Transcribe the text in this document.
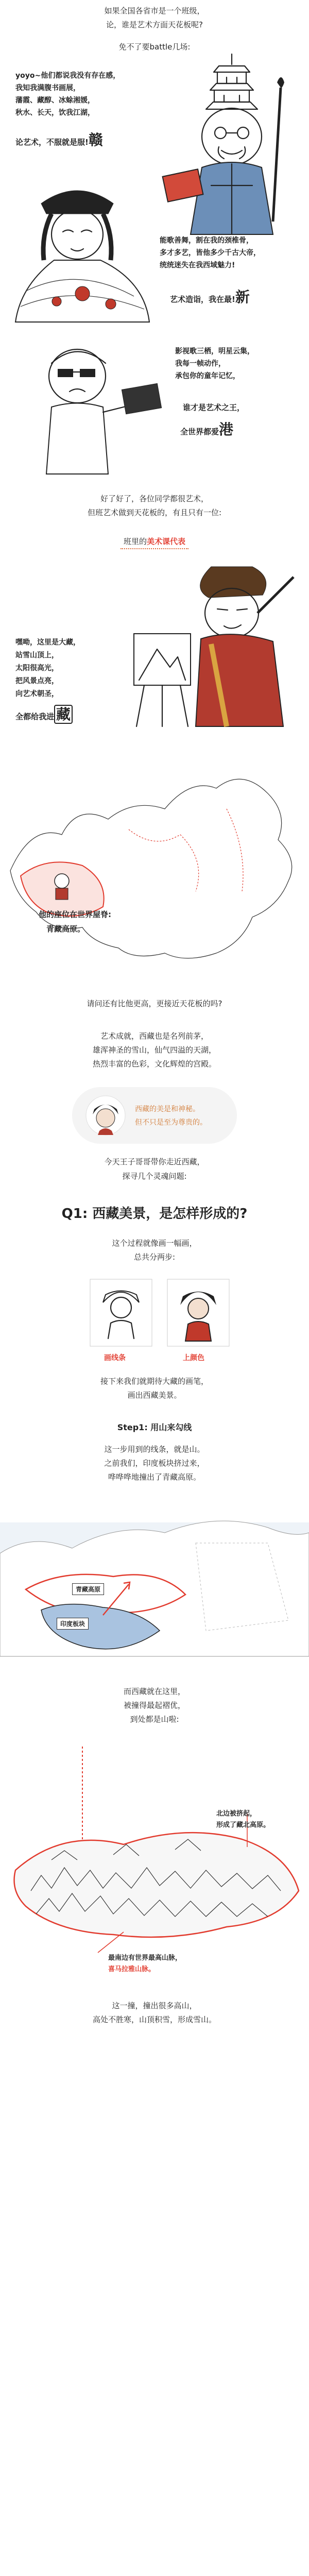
如果全国各省市是一个班级，
论，谁是艺术方面天花板呢?
免不了要battle几场:
yoyo~他们都说我没有存在感，
我知我满腹书画展，
藩霞、藏醇、冰蜍湘媛，
秋水、长天，饮我江湖，
论艺术，不服就是服!赣
能歌善舞，割在我的颈椎骨，
多才多艺，皆他多少千古大帝，
统统迷失在我西域魅力!
艺术造诣，我在最!新
影视歌三栖，明星云集，
我每一帧动作，
承包你的童年记忆，
谁才是艺术之王，
全世界都爱港
好了好了，各位同学都很艺术，
但班艺术做到天花板的，有且只有一位:
班里的美术课代表
嘿呦，这里是大藏，
站雪山顶上，
太阳很高光，
把风景点亮，
向艺术朝圣，
全都给我进 藏
他的座位在世界屋脊:
青藏高原。
请问还有比他更高，更接近天花板的吗?
艺术成就，西藏也是名列前茅，
雄浑神圣的雪山，仙气四溢的天湖，
热烈丰富的色彩，文化辉煌的宫殿。
西藏的美是和神秘。
但不只是至为尊贵的。
今天王子哥哥带你走近西藏，
探寻几个灵魂问题:
Q1: 西藏美景，是怎样形成的?
这个过程就像画一幅画，
总共分两步:
画线条	上颜色
接下来我们就期待大藏的画笔，
画出西藏美景。
Step1: 用山来勾线
这一步用到的线条，就是山。
之前我们，印度板块挤过来，
哗哗哗地撞出了青藏高原。
青藏高原
印度板块
而西藏就在这里，
被撞得最起褶优，
到处都是山啦:
北边被挤起，
形成了藏北高原。
最南边有世界最高山脉，
喜马拉雅山脉。
这一撞，撞出很多高山，
高处不胜寒，山顶积雪，形成雪山。
